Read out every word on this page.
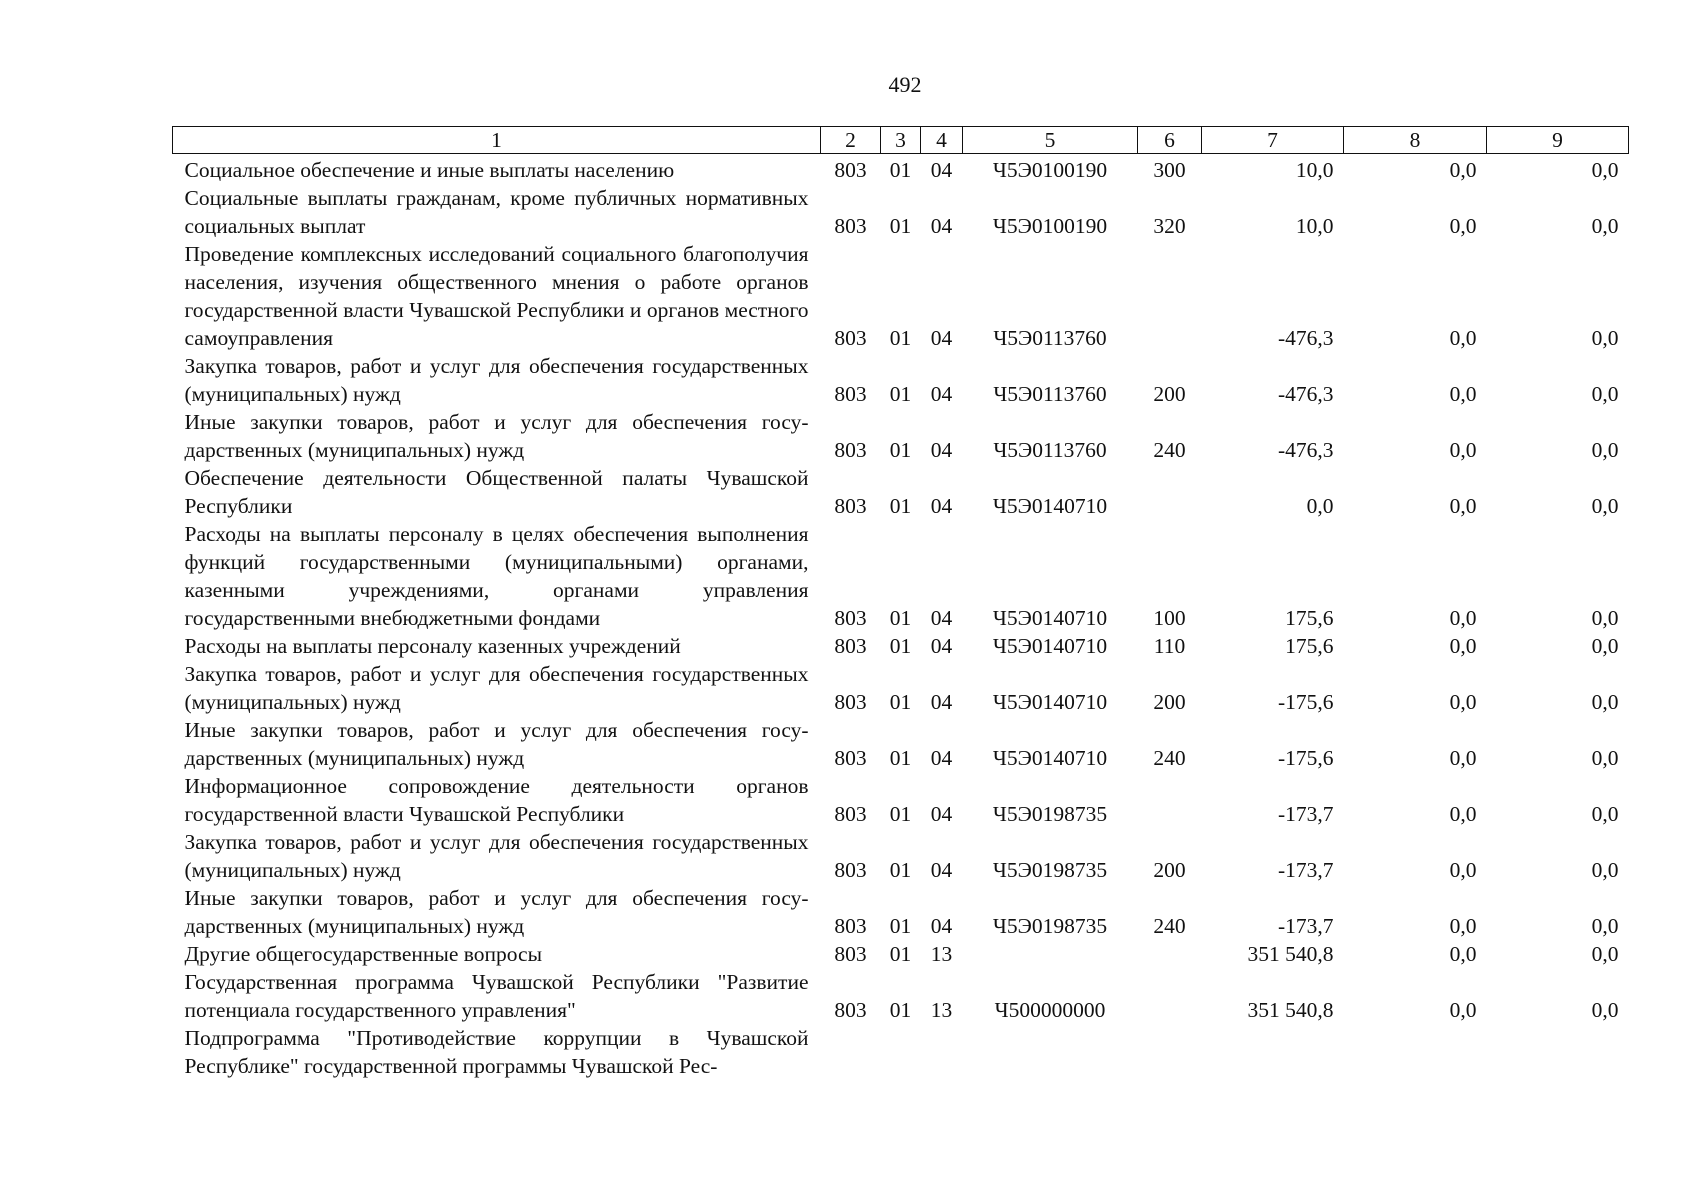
492
1	2	3	4	5	6	7	8	9
Социальное обеспечение и иные выплаты населению	803	01	04	Ч5Э0100190	300	10,0	0,0	0,0
Социальные выплаты гражданам, кроме публичных нормативных социальных выплат	803	01	04	Ч5Э0100190	320	10,0	0,0	0,0
Проведение комплексных исследований социального благополучия населения, изучения общественного мнения о работе органов государственной власти Чувашской Республики и органов местного самоуправления	803	01	04	Ч5Э0113760		-476,3	0,0	0,0
Закупка товаров, работ и услуг для обеспечения государственных (муниципальных) нужд	803	01	04	Ч5Э0113760	200	-476,3	0,0	0,0
Иные закупки товаров, работ и услуг для обеспечения государственных (муниципальных) нужд	803	01	04	Ч5Э0113760	240	-476,3	0,0	0,0
Обеспечение деятельности Общественной палаты Чувашской Республики	803	01	04	Ч5Э0140710		0,0	0,0	0,0
Расходы на выплаты персоналу в целях обеспечения выполнения функций государственными (муниципальными) органами, казенными учреждениями, органами управления государственными внебюджетными фондами	803	01	04	Ч5Э0140710	100	175,6	0,0	0,0
Расходы на выплаты персоналу казенных учреждений	803	01	04	Ч5Э0140710	110	175,6	0,0	0,0
Закупка товаров, работ и услуг для обеспечения государственных (муниципальных) нужд	803	01	04	Ч5Э0140710	200	-175,6	0,0	0,0
Иные закупки товаров, работ и услуг для обеспечения государственных (муниципальных) нужд	803	01	04	Ч5Э0140710	240	-175,6	0,0	0,0
Информационное сопровождение деятельности органов государственной власти Чувашской Республики	803	01	04	Ч5Э0198735		-173,7	0,0	0,0
Закупка товаров, работ и услуг для обеспечения государственных (муниципальных) нужд	803	01	04	Ч5Э0198735	200	-173,7	0,0	0,0
Иные закупки товаров, работ и услуг для обеспечения государственных (муниципальных) нужд	803	01	04	Ч5Э0198735	240	-173,7	0,0	0,0
Другие общегосударственные вопросы	803	01	13			351 540,8	0,0	0,0
Государственная программа Чувашской Республики "Развитие потенциала государственного управления"	803	01	13	Ч500000000		351 540,8	0,0	0,0
Подпрограмма "Противодействие коррупции в Чувашской Республике" государственной программы Чувашской Рес-								
